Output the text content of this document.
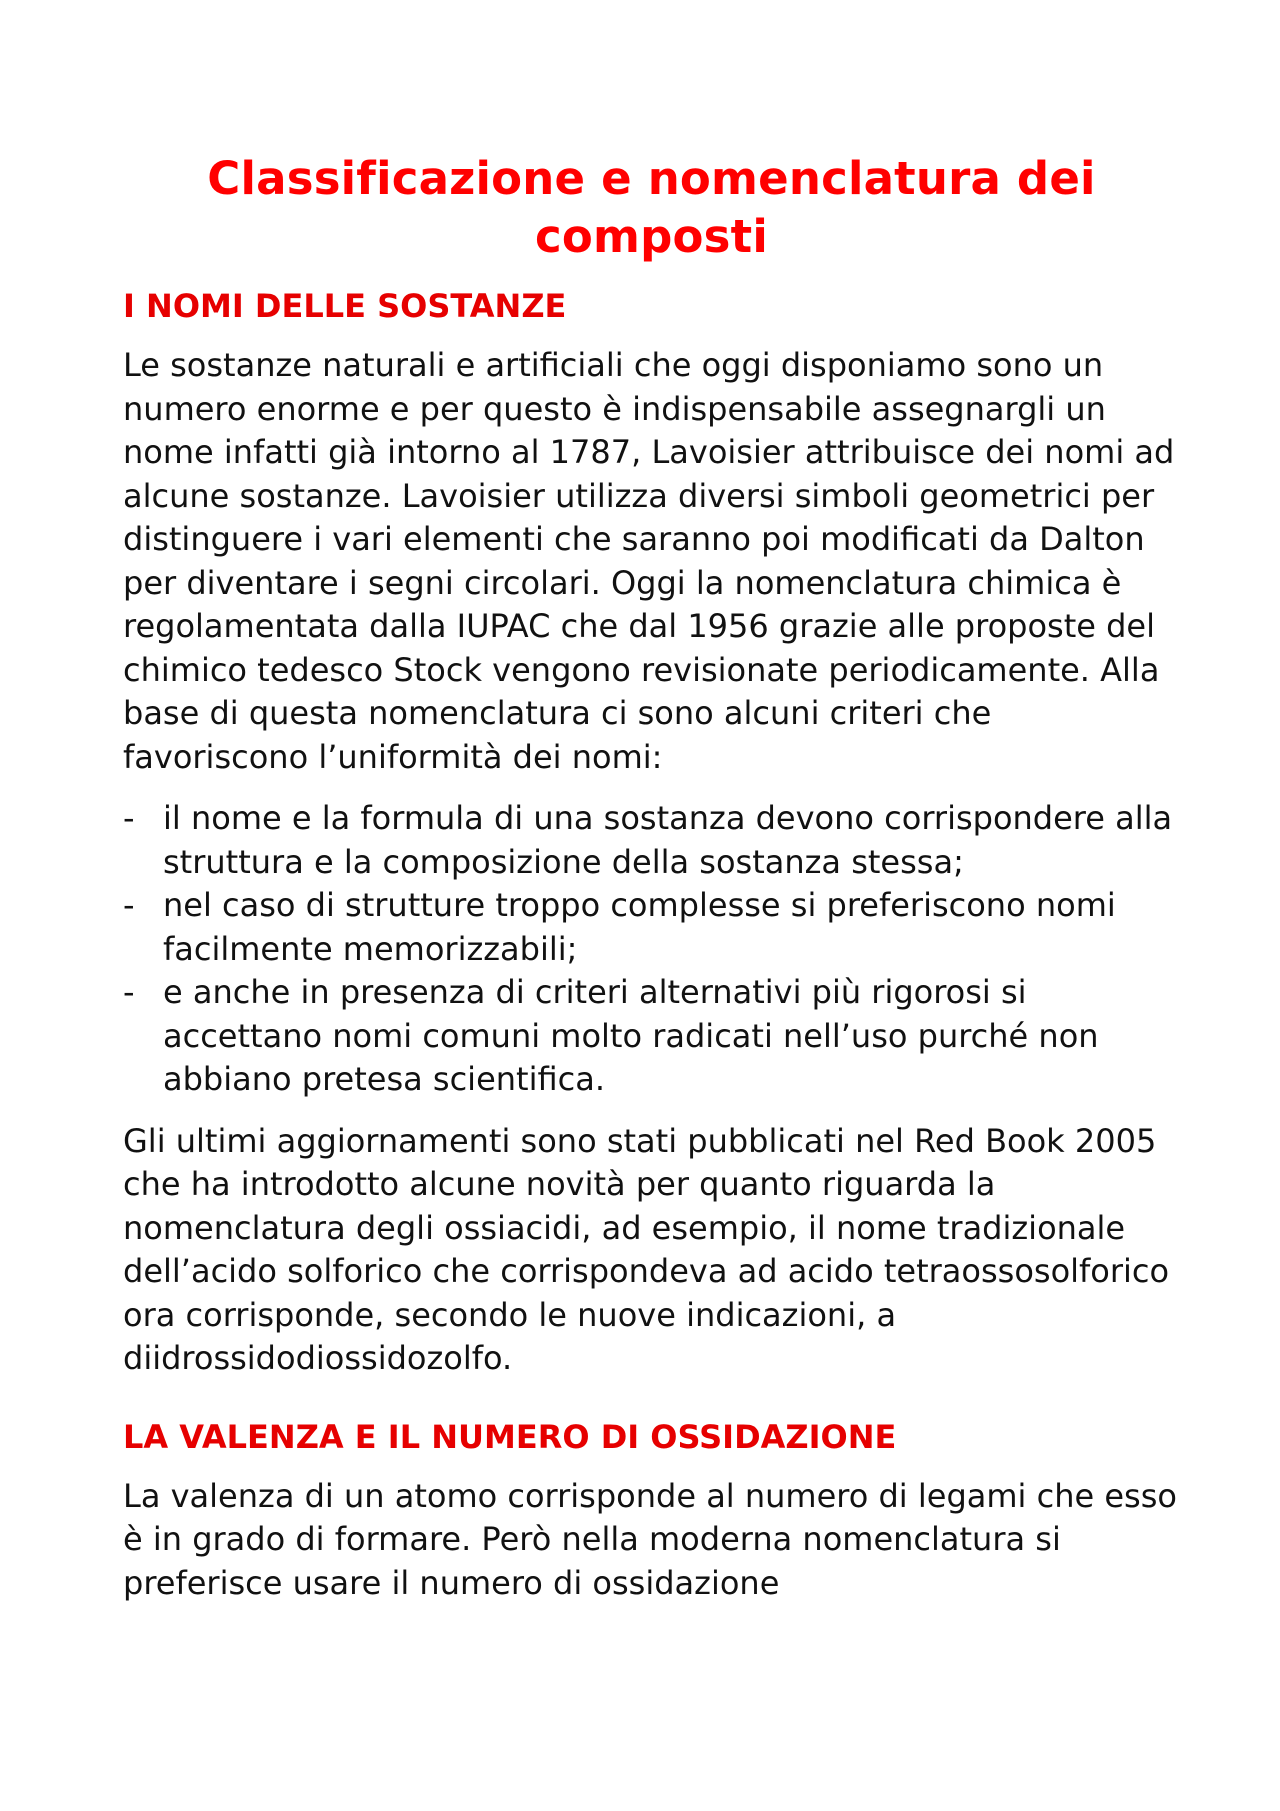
Classificazione e nomenclatura dei composti
I NOMI DELLE SOSTANZE

Le sostanze naturali e artificiali che oggi disponiamo sono un numero enorme e per questo è indispensabile assegnargli un nome infatti già intorno al 1787, Lavoisier attribuisce dei nomi ad alcune sostanze. Lavoisier utilizza diversi simboli geometrici per distinguere i vari elementi che saranno poi modificati da Dalton per diventare i segni circolari. Oggi la nomenclatura chimica è regolamentata dalla IUPAC che dal 1956 grazie alle proposte del chimico tedesco Stock vengono revisionate periodicamente. Alla base di questa nomenclatura ci sono alcuni criteri che favoriscono l’uniformità dei nomi:

- il nome e la formula di una sostanza devono corrispondere alla struttura e la composizione della sostanza stessa;
- nel caso di strutture troppo complesse si preferiscono nomi facilmente memorizzabili;
- e anche in presenza di criteri alternativi più rigorosi si accettano nomi comuni molto radicati nell’uso purché non abbiano pretesa scientifica.

Gli ultimi aggiornamenti sono stati pubblicati nel Red Book 2005 che ha introdotto alcune novità per quanto riguarda la nomenclatura degli ossiacidi, ad esempio, il nome tradizionale dell’acido solforico che corrispondeva ad acido tetraossosolforico ora corrisponde, secondo le nuove indicazioni, a diidrossidodiossidozolfo.

LA VALENZA E IL NUMERO DI OSSIDAZIONE

La valenza di un atomo corrisponde al numero di legami che esso è in grado di formare. Però nella moderna nomenclatura si preferisce usare il numero di ossidazione
